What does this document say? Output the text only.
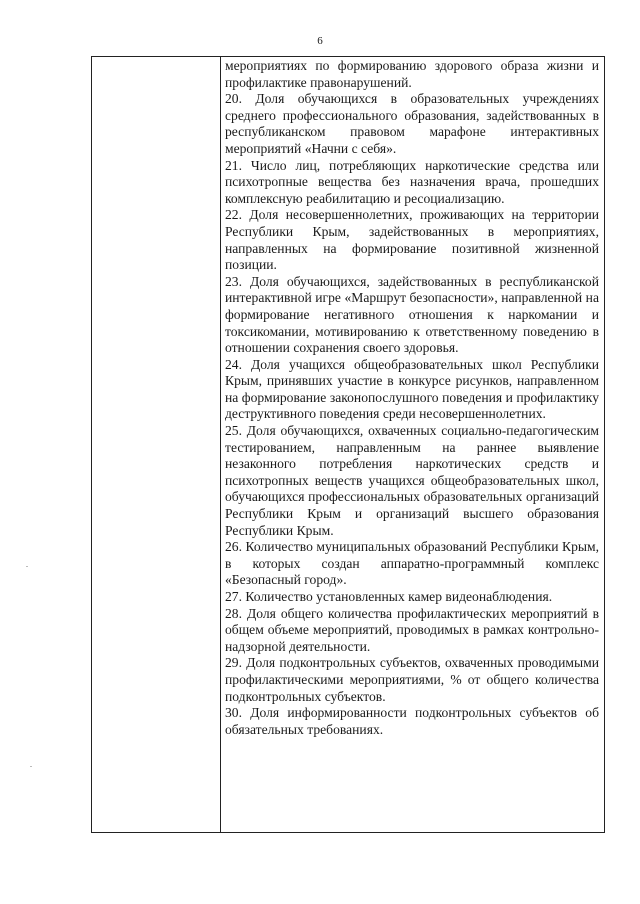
6

мероприятиях по формированию здорового образа жизни и профилактике правонарушений.

20. Доля обучающихся в образовательных учреждениях среднего профессионального образования, задействованных в республиканском правовом марафоне интерактивных мероприятий «Начни с себя».

21. Число лиц, потребляющих наркотические средства или психотропные вещества без назначения врача, прошедших комплексную реабилитацию и ресоциализацию.

22. Доля несовершеннолетних, проживающих на территории Республики Крым, задействованных в мероприятиях, направленных на формирование позитивной жизненной позиции.

23. Доля обучающихся, задействованных в республиканской интерактивной игре «Маршрут безопасности», направленной на формирование негативного отношения к наркомании и токсикомании, мотивированию к ответственному поведению в отношении сохранения своего здоровья.

24. Доля учащихся общеобразовательных школ Республики Крым, принявших участие в конкурсе рисунков, направленном на формирование законопослушного поведения и профилактику деструктивного поведения среди несовершеннолетних.

25. Доля обучающихся, охваченных социально-педагогическим тестированием, направленным на раннее выявление незаконного потребления наркотических средств и психотропных веществ учащихся общеобразовательных школ, обучающихся профессиональных образовательных организаций Республики Крым и организаций высшего образования Республики Крым.

26. Количество муниципальных образований Республики Крым, в которых создан аппаратно-программный комплекс «Безопасный город».

27. Количество установленных камер видеонаблюдения.

28. Доля общего количества профилактических мероприятий в общем объеме мероприятий, проводимых в рамках контрольно-надзорной деятельности.

29. Доля подконтрольных субъектов, охваченных проводимыми профилактическими мероприятиями, % от общего количества подконтрольных субъектов.

30. Доля информированности подконтрольных субъектов об обязательных требованиях.
